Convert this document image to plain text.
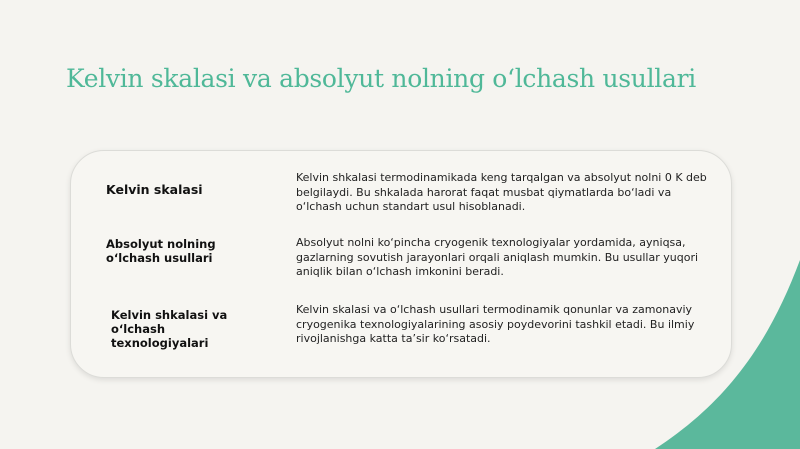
Kelvin skalasi va absolyut nolning o‘lchash usullari
Kelvin skalasi
Kelvin shkalasi termodinamikada keng tarqalgan va absolyut nolni 0 K deb belgilaydi. Bu shkalada harorat faqat musbat qiymatlarda bo‘ladi va o‘lchash uchun standart usul hisoblanadi.
Absolyut nolning o‘lchash usullari
Absolyut nolni ko‘pincha cryogenik texnologiyalar yordamida, ayniqsa, gazlarning sovutish jarayonlari orqali aniqlash mumkin. Bu usullar yuqori aniqlik bilan o‘lchash imkonini beradi.
Kelvin shkalasi va o‘lchash texnologiyalari
Kelvin skalasi va o‘lchash usullari termodinamik qonunlar va zamonaviy cryogenika texnologiyalarining asosiy poydevorini tashkil etadi. Bu ilmiy rivojlanishga katta ta’sir ko‘rsatadi.
